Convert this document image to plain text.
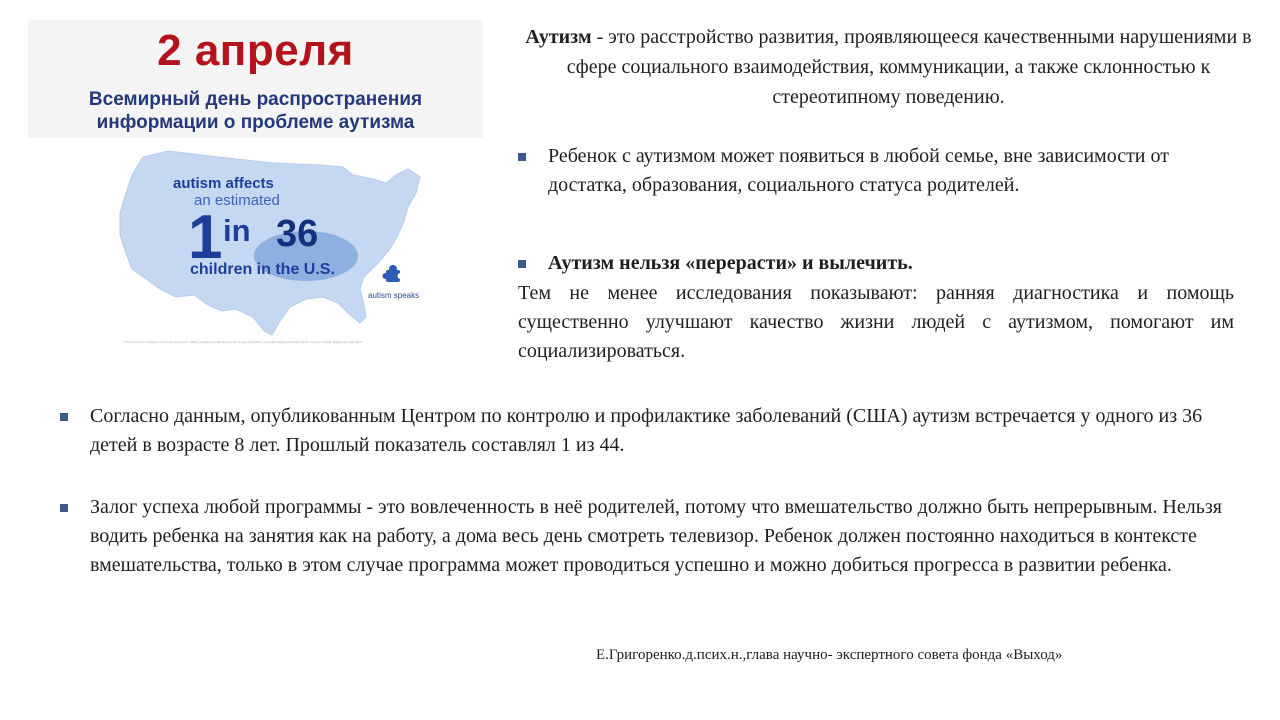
2 апреля
Всемирный день распространения
информации о проблеме аутизма
autism affects
an estimated
1 in 36
children in the U.S.
autism speaks
* The Centers for Disease Control and Prevention (CDC) prevalence estimates are for 8-year-old children and reflect data collected in 2020, reported in 2023. Figure from Feb 2023
Аутизм - это расстройство развития, проявляющееся качественными нарушениями в сфере социального взаимодействия, коммуникации, а также склонностью к стереотипному поведению.
Ребенок с аутизмом может появиться в любой семье, вне зависимости от достатка, образования, социального статуса родителей.
Аутизм нельзя «перерасти» и вылечить.
Тем не менее исследования показывают: ранняя диагностика и помощь существенно улучшают качество жизни людей с аутизмом, помогают им социализироваться.
Согласно данным, опубликованным Центром по контролю и профилактике заболеваний (США) аутизм встречается у одного из 36 детей в возрасте 8 лет. Прошлый показатель составлял 1 из 44.
Залог успеха любой программы - это вовлеченность в неё родителей, потому что вмешательство должно быть непрерывным. Нельзя водить ребенка на занятия как на работу, а дома весь день смотреть телевизор. Ребенок должен постоянно находиться в контексте вмешательства, только в этом случае программа может проводиться успешно и можно добиться прогресса в развитии ребенка.
Е.Григоренко.д.псих.н.,глава научно- экспертного совета фонда «Выход»
